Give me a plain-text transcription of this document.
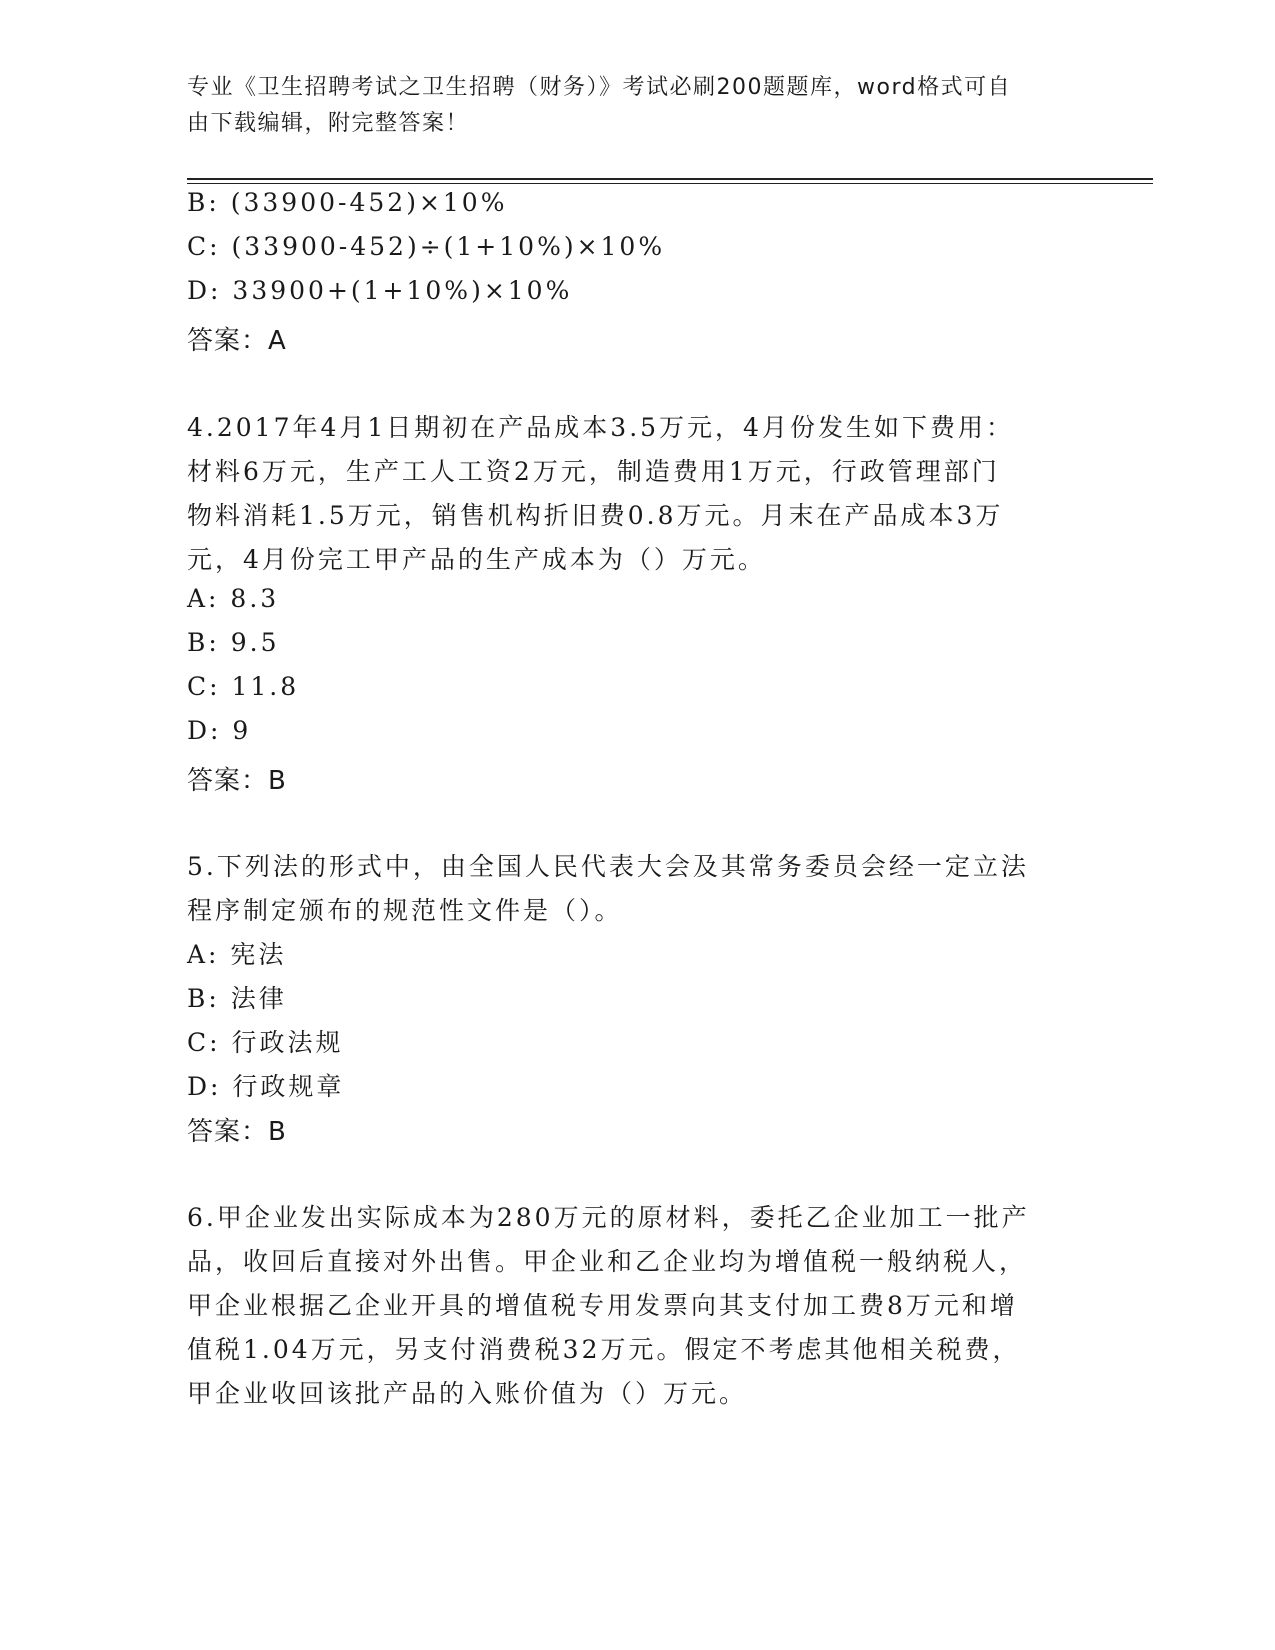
专业《卫生招聘考试之卫生招聘（财务）》考试必刷200题题库，word格式可自
由下载编辑，附完整答案！
B: (33900-452)×10%
C: (33900-452)÷(1+10%)×10%
D: 33900+(1+10%)×10%
答案：A
4.2017年4月1日期初在产品成本3.5万元，4月份发生如下费用：
材料6万元，生产工人工资2万元，制造费用1万元，行政管理部门
物料消耗1.5万元，销售机构折旧费0.8万元。月末在产品成本3万
元，4月份完工甲产品的生产成本为（）万元。
A: 8.3
B: 9.5
C: 11.8
D: 9
答案：B
5.下列法的形式中，由全国人民代表大会及其常务委员会经一定立法
程序制定颁布的规范性文件是（）。
A: 宪法
B: 法律
C: 行政法规
D: 行政规章
答案：B
6.甲企业发出实际成本为280万元的原材料，委托乙企业加工一批产
品，收回后直接对外出售。甲企业和乙企业均为增值税一般纳税人，
甲企业根据乙企业开具的增值税专用发票向其支付加工费8万元和增
值税1.04万元，另支付消费税32万元。假定不考虑其他相关税费，
甲企业收回该批产品的入账价值为（）万元。
